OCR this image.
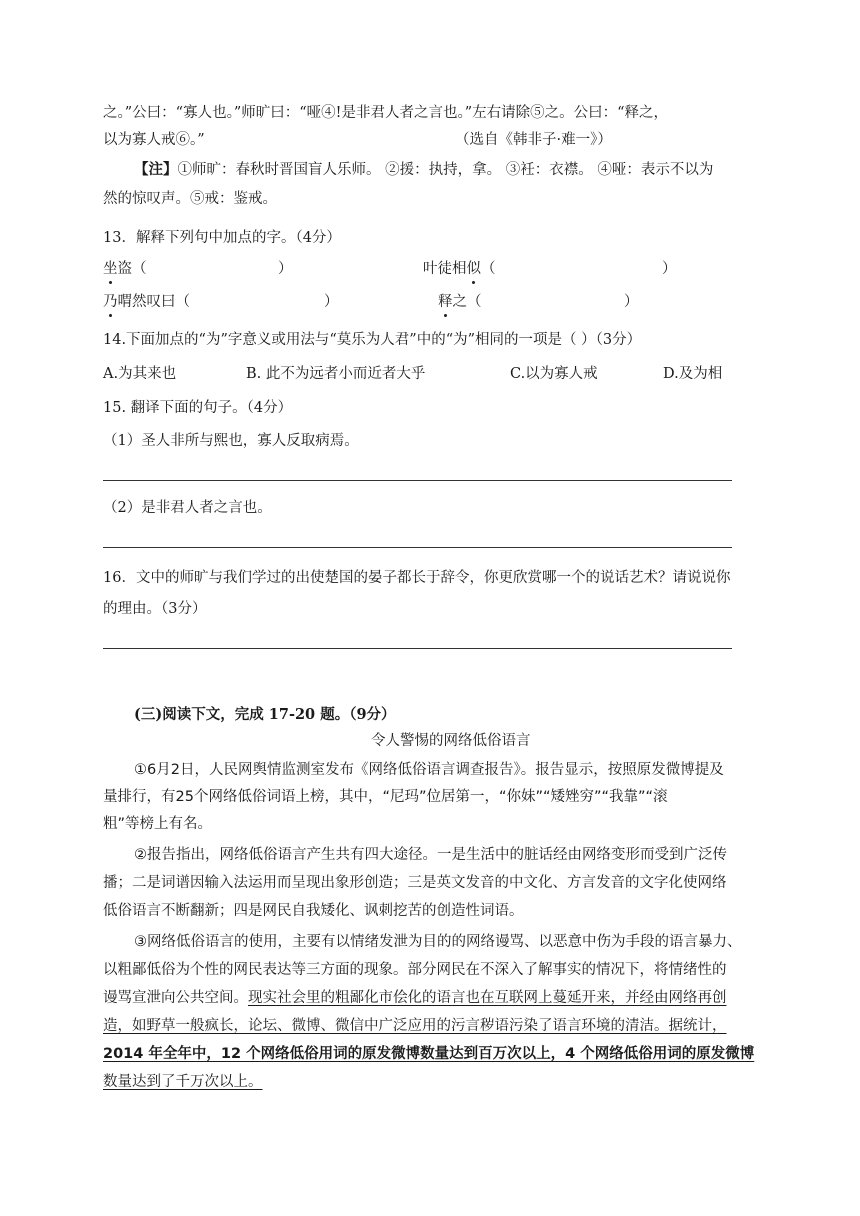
之。”公曰：“寡人也。”师旷曰：“哑④!是非君人者之言也。”左右请除⑤之。公曰：“释之，
以为寡人戒⑥。”	（选自《韩非子·难一》）
【注】①师旷：春秋时晋国盲人乐师。 ②援：执持，拿。 ③衽：衣襟。 ④哑：表示不以为
然的惊叹声。⑤戒：鉴戒。
13．解释下列句中加点的字。（4分）
坐盗（	）	叶徒相似（	）
乃喟然叹曰（	）	释之（	）
14.下面加点的“为”字意义或用法与“莫乐为人君”中的“为”相同的一项是（ ）（3分）
A.为其来也	B. 此不为远者小而近者大乎	C.以为寡人戒	D.及为相
15. 翻译下面的句子。（4分）
（1）圣人非所与熙也，寡人反取病焉。
（2）是非君人者之言也。
16．文中的师旷与我们学过的出使楚国的晏子都长于辞令，你更欣赏哪一个的说话艺术？请说说你
的理由。（3分）
(三)阅读下文，完成 17-20 题。（9分）
令人警惕的网络低俗语言
①6月2日，人民网舆情监测室发布《网络低俗语言调查报告》。报告显示，按照原发微博提及
量排行，有25个网络低俗词语上榜，其中，“尼玛”位居第一，“你妹”“矮矬穷”“我靠”“滚
粗”等榜上有名。
②报告指出，网络低俗语言产生共有四大途径。一是生活中的脏话经由网络变形而受到广泛传
播；二是词谱因输入法运用而呈现出象形创造；三是英文发音的中文化、方言发音的文字化使网络
低俗语言不断翻新；四是网民自我矮化、讽刺挖苦的创造性词语。
③网络低俗语言的使用，主要有以情绪发泄为目的的网络谩骂、以恶意中伤为手段的语言暴力、
以粗鄙低俗为个性的网民表达等三方面的现象。部分网民在不深入了解事实的情况下，将情绪性的
谩骂宣泄向公共空间。现实社会里的粗鄙化市侩化的语言也在互联网上蔓延开来，并经由网络再创
造，如野草一般疯长，论坛、微博、微信中广泛应用的污言秽语污染了语言环境的清洁。据统计，
2014 年全年中，12 个网络低俗用词的原发微博数量达到百万次以上，4 个网络低俗用词的原发微博
数量达到了千万次以上。
